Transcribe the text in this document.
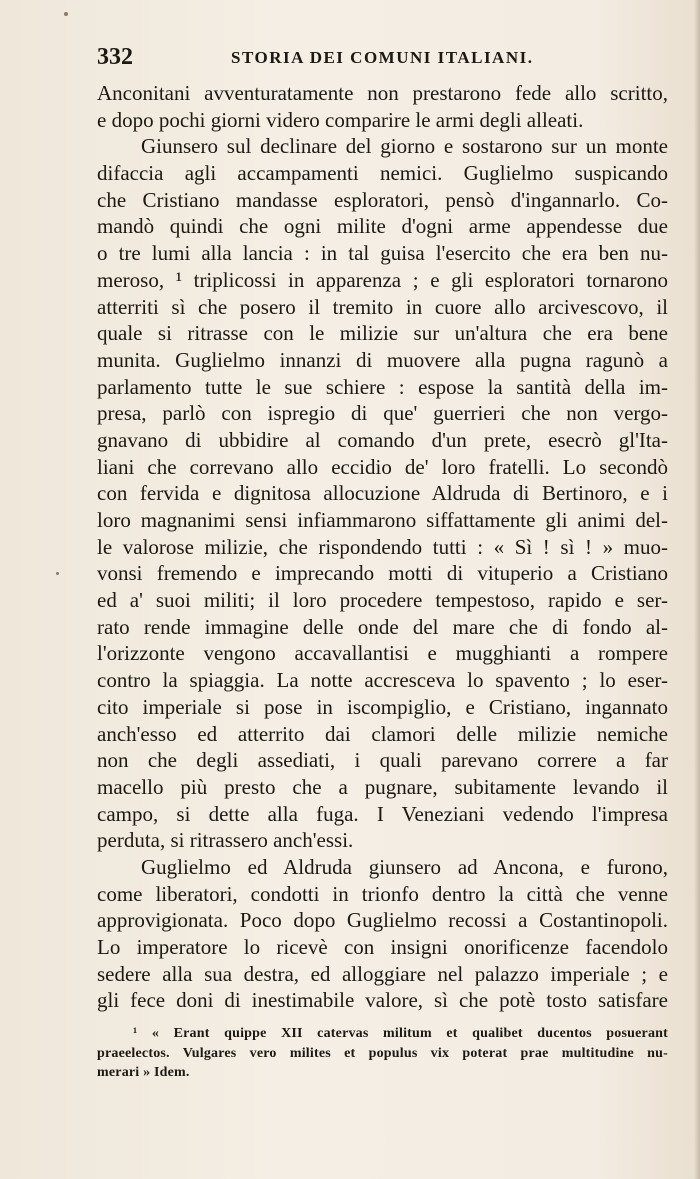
332	STORIA DEI COMUNI ITALIANI.
Anconitani avventuratamente non prestarono fede allo scritto,
e dopo pochi giorni videro comparire le armi degli alleati.
Giunsero sul declinare del giorno e sostarono sur un monte
difaccia agli accampamenti nemici. Guglielmo suspicando
che Cristiano mandasse esploratori, pensò d'ingannarlo. Co-
mandò quindi che ogni milite d'ogni arme appendesse due
o tre lumi alla lancia : in tal guisa l'esercito che era ben nu-
meroso, ¹ triplicossi in apparenza ; e gli esploratori tornarono
atterriti sì che posero il tremito in cuore allo arcivescovo, il
quale si ritrasse con le milizie sur un'altura che era bene
munita. Guglielmo innanzi di muovere alla pugna ragunò a
parlamento tutte le sue schiere : espose la santità della im-
presa, parlò con ispregio di que' guerrieri che non vergo-
gnavano di ubbidire al comando d'un prete, esecrò gl'Ita-
liani che correvano allo eccidio de' loro fratelli. Lo secondò
con fervida e dignitosa allocuzione Aldruda di Bertinoro, e i
loro magnanimi sensi infiammarono siffattamente gli animi del-
le valorose milizie, che rispondendo tutti : « Sì ! sì ! » muo-
vonsi fremendo e imprecando motti di vituperio a Cristiano
ed a' suoi militi; il loro procedere tempestoso, rapido e ser-
rato rende immagine delle onde del mare che di fondo al-
l'orizzonte vengono accavallantisi e mugghianti a rompere
contro la spiaggia. La notte accresceva lo spavento ; lo eser-
cito imperiale si pose in iscompiglio, e Cristiano, ingannato
anch'esso ed atterrito dai clamori delle milizie nemiche
non che degli assediati, i quali parevano correre a far
macello più presto che a pugnare, subitamente levando il
campo, si dette alla fuga. I Veneziani vedendo l'impresa
perduta, si ritrassero anch'essi.
Guglielmo ed Aldruda giunsero ad Ancona, e furono,
come liberatori, condotti in trionfo dentro la città che venne
approvigionata. Poco dopo Guglielmo recossi a Costantinopoli.
Lo imperatore lo ricevè con insigni onorificenze facendolo
sedere alla sua destra, ed alloggiare nel palazzo imperiale ; e
gli fece doni di inestimabile valore, sì che potè tosto satisfare
¹ « Erant quippe XII catervas militum et qualibet ducentos posuerant
praeelectos. Vulgares vero milites et populus vix poterat prae multitudine nu-
merari » Idem.
